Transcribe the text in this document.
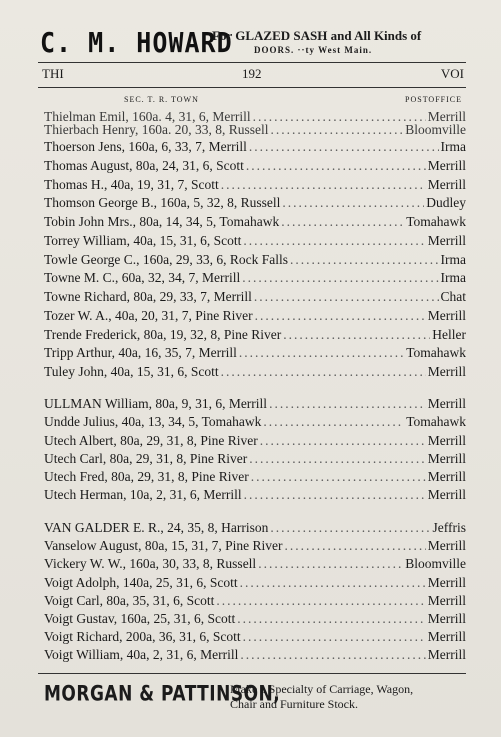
C. M. HOWARD
For GLAZED SASH and All Kinds of
DOORS. ··ty West Main.
THI	192	VOI
SEC. T. R. TOWN	POSTOFFICE
Thielman Emil, 160a. 4, 31, 6, Merrill .....	Merrill
Thierbach Henry, 160a. 20, 33, 8, Russell .....	Bloomville
Thoerson Jens, 160a, 6, 33, 7, Merrill .....	Irma
Thomas August, 80a, 24, 31, 6, Scott .....	Merrill
Thomas H., 40a, 19, 31, 7, Scott .....	Merrill
Thomson George B., 160a, 5, 32, 8, Russell .....	Dudley
Tobin John Mrs., 80a, 14, 34, 5, Tomahawk .....	Tomahawk
Torrey William, 40a, 15, 31, 6, Scott .....	Merrill
Towle George C., 160a, 29, 33, 6, Rock Falls .....	Irma
Towne M. C., 60a, 32, 34, 7, Merrill .....	Irma
Towne Richard, 80a, 29, 33, 7, Merrill .....	Chat
Tozer W. A., 40a, 20, 31, 7, Pine River .....	Merrill
Trende Frederick, 80a, 19, 32, 8, Pine River .....	Heller
Tripp Arthur, 40a, 16, 35, 7, Merrill .....	Tomahawk
Tuley John, 40a, 15, 31, 6, Scott .....	Merrill
ULLMAN William, 80a, 9, 31, 6, Merrill .....	Merrill
Undde Julius, 40a, 13, 34, 5, Tomahawk .....	Tomahawk
Utech Albert, 80a, 29, 31, 8, Pine River .....	Merrill
Utech Carl, 80a, 29, 31, 8, Pine River .....	Merrill
Utech Fred, 80a, 29, 31, 8, Pine River .....	Merrill
Utech Herman, 10a, 2, 31, 6, Merrill .....	Merrill
VAN GALDER E. R., 24, 35, 8, Harrison .....	Jeffris
Vanselow August, 80a, 15, 31, 7, Pine River .....	Merrill
Vickery W. W., 160a, 30, 33, 8, Russell .....	Bloomville
Voigt Adolph, 140a, 25, 31, 6, Scott .....	Merrill
Voigt Carl, 80a, 35, 31, 6, Scott .....	Merrill
Voigt Gustav, 160a, 25, 31, 6, Scott .....	Merrill
Voigt Richard, 200a, 36, 31, 6, Scott .....	Merrill
Voigt William, 40a, 2, 31, 6, Merrill .....	Merrill
MORGAN & PATTINSON,
Make a Specialty of Carriage, Wagon,
Chair and Furniture Stock.
